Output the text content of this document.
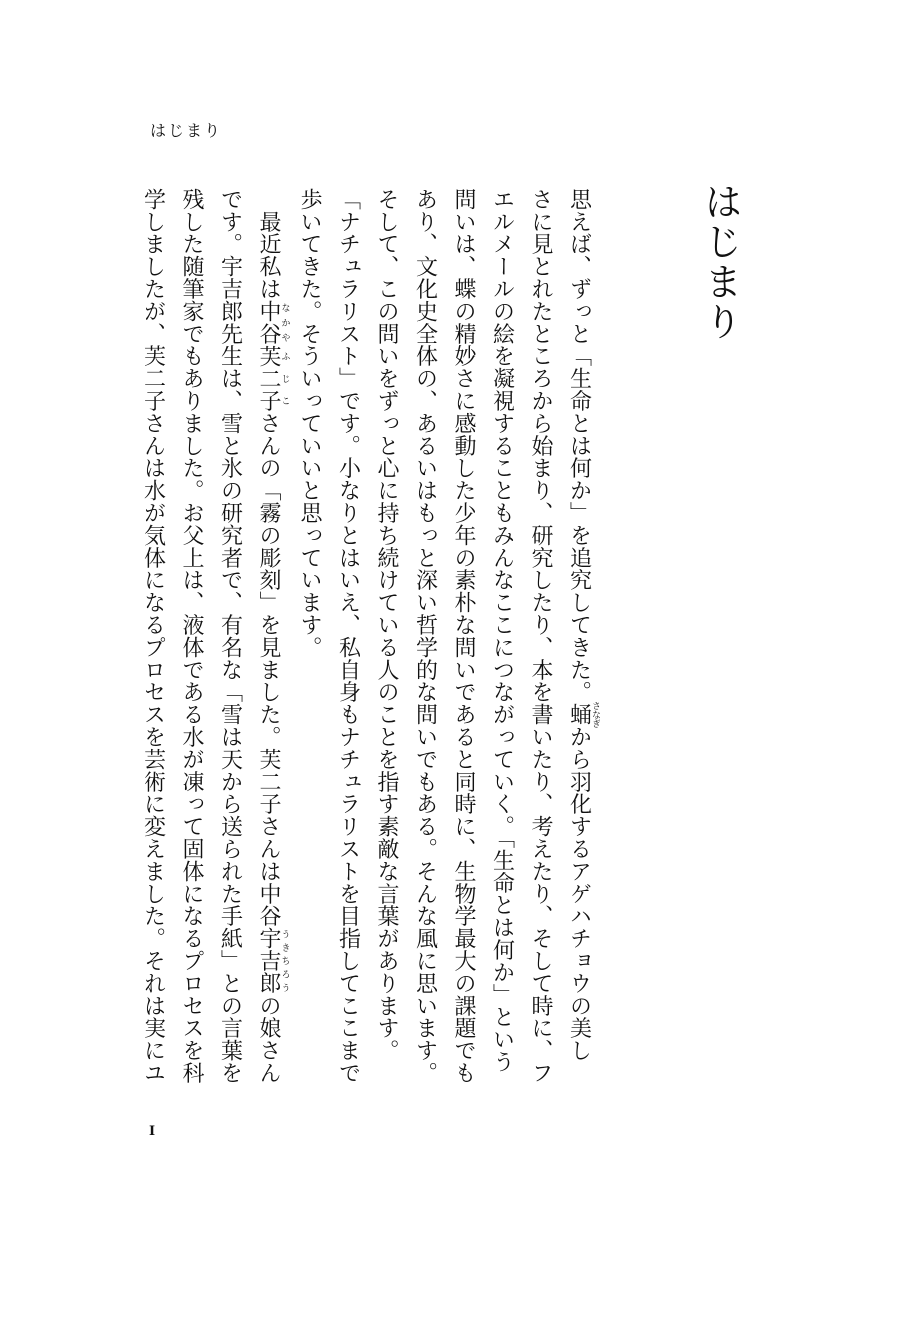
はじまり
はじまり
思えば、ずっと「生命とは何か」を追究してきた。蛹さなぎから羽化するアゲハチョウの美し
さに見とれたところから始まり、研究したり、本を書いたり、考えたり、そして時に、フ
エルメールの絵を凝視することもみんなここにつながっていく。「生命とは何か」という
問いは、蝶の精妙さに感動した少年の素朴な問いであると同時に、生物学最大の課題でも
あり、文化史全体の、あるいはもっと深い哲学的な問いでもある。そんな風に思います。
そして、この問いをずっと心に持ち続けている人のことを指す素敵な言葉があります。
「ナチュラリスト」です。小なりとはいえ、私自身もナチュラリストを目指してここまで
歩いてきた。そういっていいと思っています。
　最近私は中谷なかや芙二子ふじこさんの「霧の彫刻」を見ました。芙二子さんは中谷宇吉郎うきちろうの娘さん
です。宇吉郎先生は、雪と氷の研究者で、有名な「雪は天から送られた手紙」との言葉を
残した随筆家でもありました。お父上は、液体である水が凍って固体になるプロセスを科
学しましたが、芙二子さんは水が気体になるプロセスを芸術に変えました。それは実にユ
I
